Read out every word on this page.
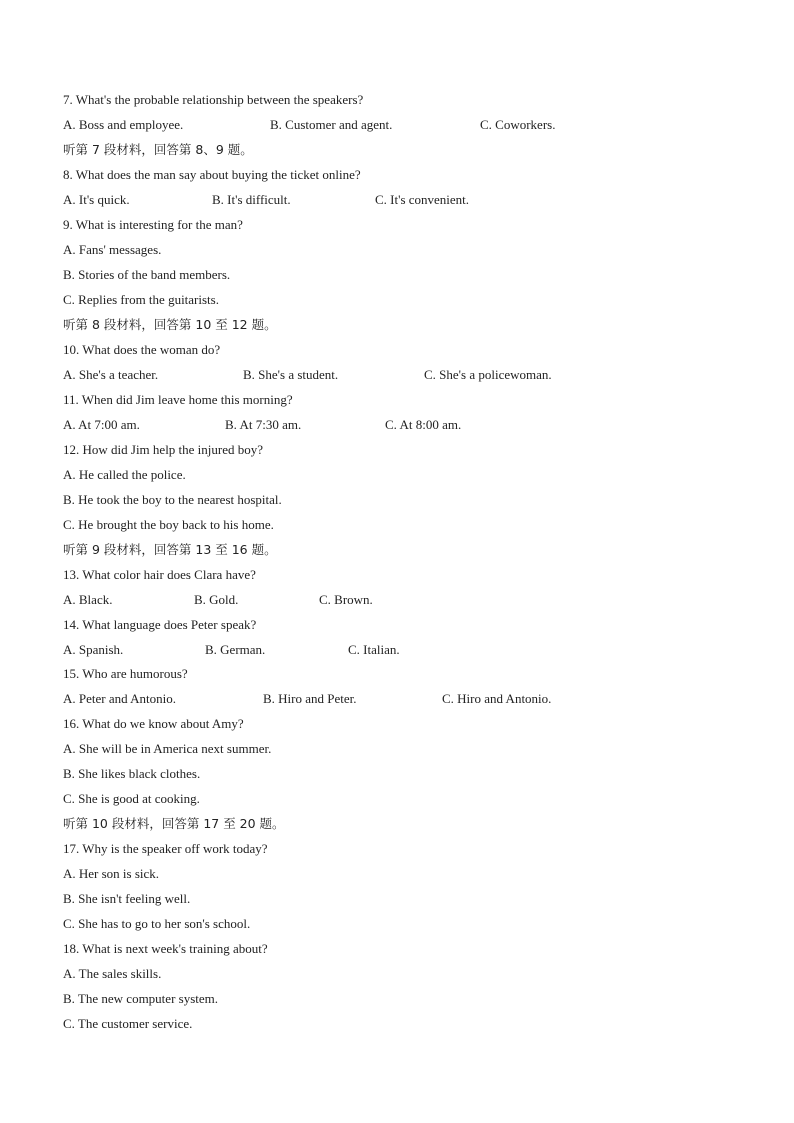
7. What's the probable relationship between the speakers?
A. Boss and employee.	B. Customer and agent.	C. Coworkers.
听第 7 段材料，回答第 8、9 题。
8. What does the man say about buying the ticket online?
A. It's quick.	B. It's difficult.	C. It's convenient.
9. What is interesting for the man?
A. Fans' messages.
B. Stories of the band members.
C. Replies from the guitarists.
听第 8 段材料，回答第 10 至 12 题。
10. What does the woman do?
A. She's a teacher.	B. She's a student.	C. She's a policewoman.
11. When did Jim leave home this morning?
A. At 7:00 am.	B. At 7:30 am.	C. At 8:00 am.
12. How did Jim help the injured boy?
A. He called the police.
B. He took the boy to the nearest hospital.
C. He brought the boy back to his home.
听第 9 段材料，回答第 13 至 16 题。
13. What color hair does Clara have?
A. Black.	B. Gold.	C. Brown.
14. What language does Peter speak?
A. Spanish.	B. German.	C. Italian.
15. Who are humorous?
A. Peter and Antonio.	B. Hiro and Peter.	C. Hiro and Antonio.
16. What do we know about Amy?
A. She will be in America next summer.
B. She likes black clothes.
C. She is good at cooking.
听第 10 段材料，回答第 17 至 20 题。
17. Why is the speaker off work today?
A. Her son is sick.
B. She isn't feeling well.
C. She has to go to her son's school.
18. What is next week's training about?
A. The sales skills.
B. The new computer system.
C. The customer service.
